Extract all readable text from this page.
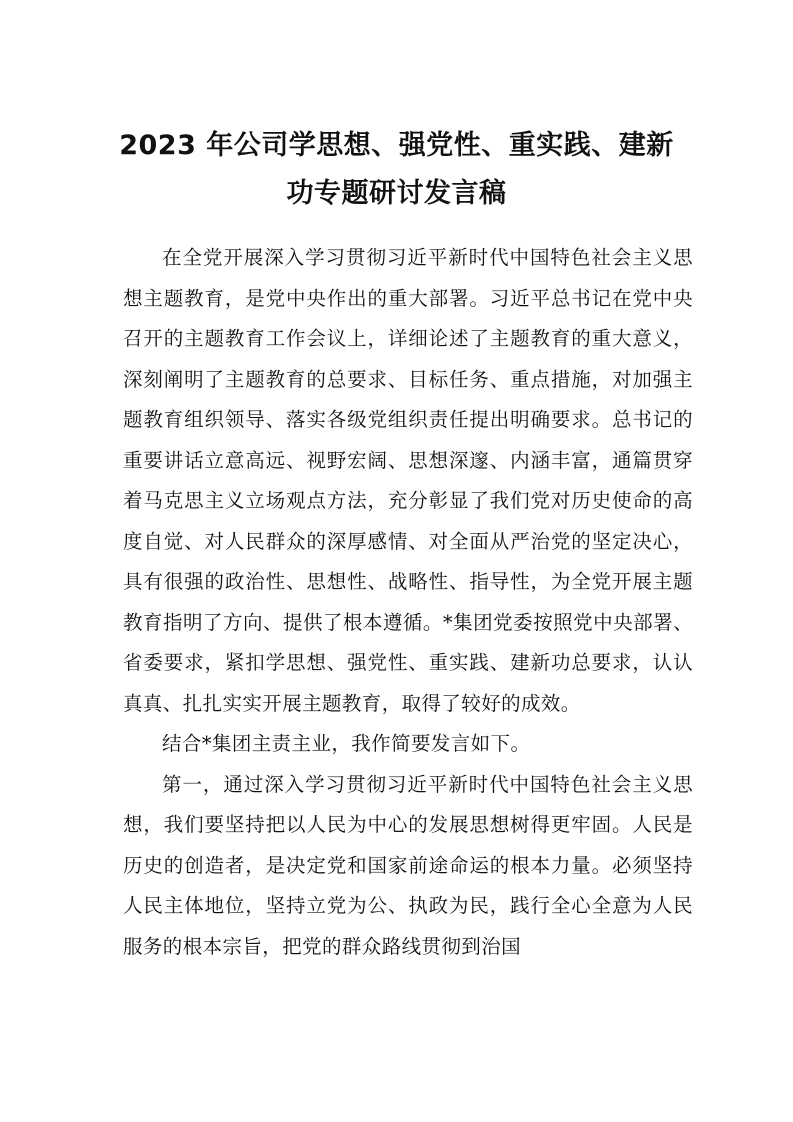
2023 年公司学思想、强党性、重实践、建新
功专题研讨发言稿

在全党开展深入学习贯彻习近平新时代中国特色社会主义思想主题教育，是党中央作出的重大部署。习近平总书记在党中央召开的主题教育工作会议上，详细论述了主题教育的重大意义，深刻阐明了主题教育的总要求、目标任务、重点措施，对加强主题教育组织领导、落实各级党组织责任提出明确要求。总书记的重要讲话立意高远、视野宏阔、思想深邃、内涵丰富，通篇贯穿着马克思主义立场观点方法，充分彰显了我们党对历史使命的高度自觉、对人民群众的深厚感情、对全面从严治党的坚定决心，具有很强的政治性、思想性、战略性、指导性，为全党开展主题教育指明了方向、提供了根本遵循。*集团党委按照党中央部署、省委要求，紧扣学思想、强党性、重实践、建新功总要求，认认真真、扎扎实实开展主题教育，取得了较好的成效。

结合*集团主责主业，我作简要发言如下。

第一，通过深入学习贯彻习近平新时代中国特色社会主义思想，我们要坚持把以人民为中心的发展思想树得更牢固。人民是历史的创造者，是决定党和国家前途命运的根本力量。必须坚持人民主体地位，坚持立党为公、执政为民，践行全心全意为人民服务的根本宗旨，把党的群众路线贯彻到治国
